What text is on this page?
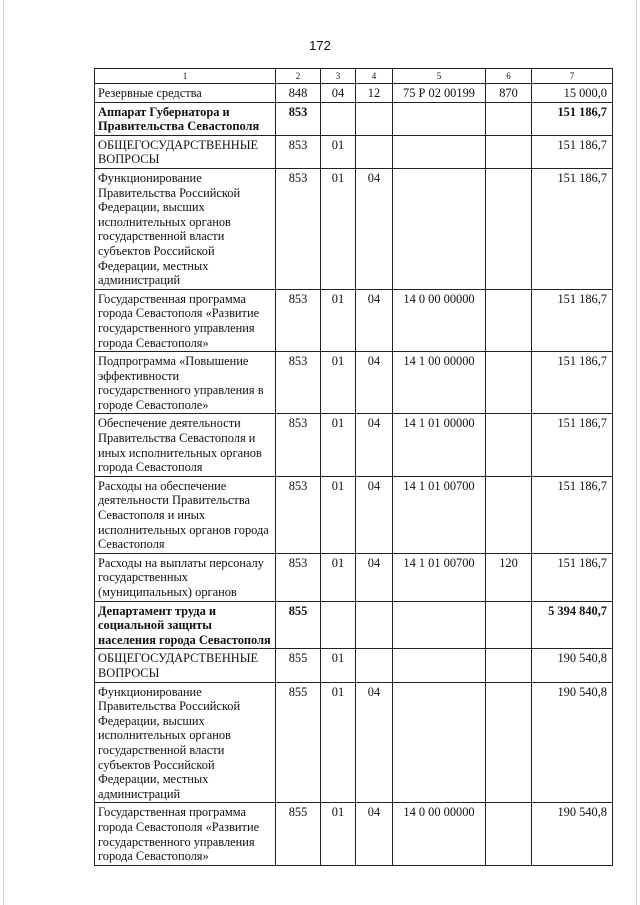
172
1	2	3	4	5	6	7
Резервные средства	848	04	12	75 Р 02 00199	870	15 000,0
Аппарат Губернатора и Правительства Севастополя	853					151 186,7
ОБЩЕГОСУДАРСТВЕННЫЕ ВОПРОСЫ	853	01				151 186,7
Функционирование Правительства Российской Федерации, высших исполнительных органов государственной власти субъектов Российской Федерации, местных администраций	853	01	04			151 186,7
Государственная программа города Севастополя «Развитие государственного управления города Севастополя»	853	01	04	14 0 00 00000		151 186,7
Подпрограмма «Повышение эффективности государственного управления в городе Севастополе»	853	01	04	14 1 00 00000		151 186,7
Обеспечение деятельности Правительства Севастополя и иных исполнительных органов города Севастополя	853	01	04	14 1 01 00000		151 186,7
Расходы на обеспечение деятельности Правительства Севастополя и иных исполнительных органов города Севастополя	853	01	04	14 1 01 00700		151 186,7
Расходы на выплаты персоналу государственных (муниципальных) органов	853	01	04	14 1 01 00700	120	151 186,7
Департамент труда и социальной защиты населения города Севастополя	855					5 394 840,7
ОБЩЕГОСУДАРСТВЕННЫЕ ВОПРОСЫ	855	01				190 540,8
Функционирование Правительства Российской Федерации, высших исполнительных органов государственной власти субъектов Российской Федерации, местных администраций	855	01	04			190 540,8
Государственная программа города Севастополя «Развитие государственного управления города Севастополя»	855	01	04	14 0 00 00000		190 540,8
